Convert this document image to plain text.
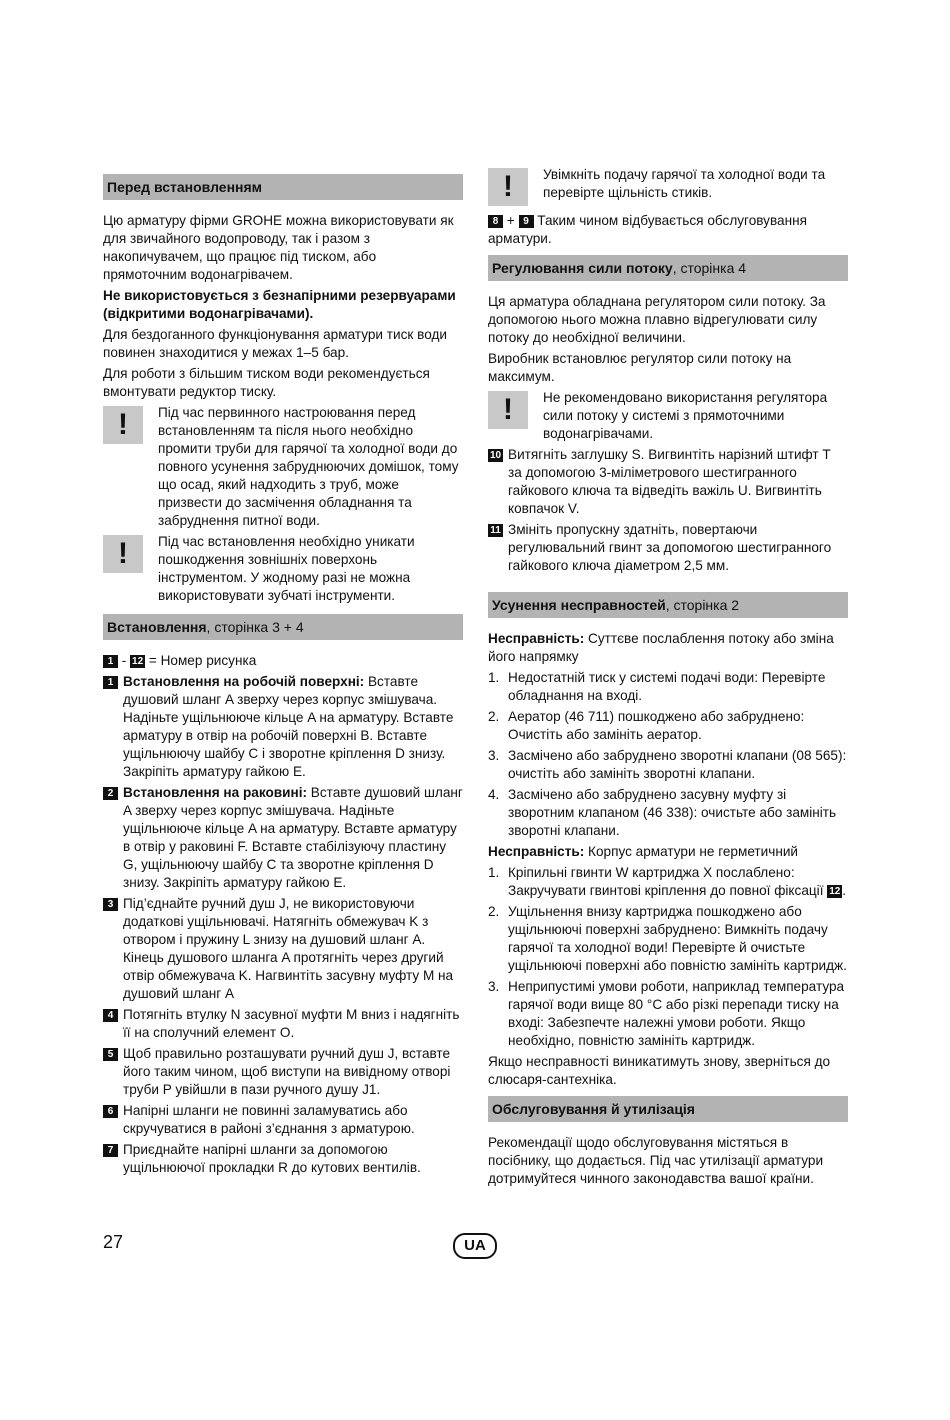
Перед встановленням

Цю арматуру фірми GROHE можна використовувати як для звичайного водопроводу, так і разом з накопичувачем, що працює під тиском, або прямоточним водонагрівачем.

Не використовується з безнапірними резервуарами (відкритими водонагрівачами).

Для бездоганного функціонування арматури тиск води повинен знаходитися у межах 1–5 бар.

Для роботи з більшим тиском води рекомендується вмонтувати редуктор тиску.

!	Під час первинного настроювання перед встановленням та після нього необхідно промити труби для гарячої та холодної води до повного усунення забруднюючих домішок, тому що осад, який надходить з труб, може призвести до засмічення обладнання та забруднення питної води.
!	Під час встановлення необхідно уникати пошкодження зовнішніх поверхонь інструментом. У жодному разі не можна використовувати зубчаті інструменти.
Встановлення, сторінка 3 + 4

1 - 12 = Номер рисунка

1 Встановлення на робочій поверхні: Вставте душовий шланг A зверху через корпус змішувача. Надіньте ущільнююче кільце A на арматуру. Вставте арматуру в отвір на робочій поверхні B. Вставте ущільнюючу шайбу C і зворотне кріплення D знизу. Закріпіть арматуру гайкою E.
2 Встановлення на раковині: Вставте душовий шланг A зверху через корпус змішувача. Надіньте ущільнююче кільце A на арматуру. Вставте арматуру в отвір у раковині F. Вставте стабілізуючу пластину G, ущільнюючу шайбу C та зворотне кріплення D знизу. Закріпіть арматуру гайкою E.
3 Під’єднайте ручний душ J, не використовуючи додаткові ущільнювачі. Натягніть обмежувач K з отвором і пружину L знизу на душовий шланг A. Кінець душового шланга A протягніть через другий отвір обмежувача K. Нагвинтіть засувну муфту M на душовий шланг A
4 Потягніть втулку N засувної муфти M вниз і надягніть її на сполучний елемент O.
5 Щоб правильно розташувати ручний душ J, вставте його таким чином, щоб виступи на вивідному отворі труби P увійшли в пази ручного душу J1.
6 Напірні шланги не повинні заламуватись або скручуватися в районі з’єднання з арматурою.
7 Приєднайте напірні шланги за допомогою ущільнюючої прокладки R до кутових вентилів.
!	Увімкніть подачу гарячої та холодної води та перевірте щільність стиків.
8 + 9 Таким чином відбувається обслуговування арматури.
Регулювання сили потоку, сторінка 4

Ця арматура обладнана регулятором сили потоку. За допомогою нього можна плавно відрегулювати силу потоку до необхідної величини.

Виробник встановлює регулятор сили потоку на максимум.

!	Не рекомендовано використання регулятора сили потоку у системі з прямоточними водонагрівачами.
10 Витягніть заглушку S. Вигвинтіть нарізний штифт T за допомогою 3-міліметрового шестигранного гайкового ключа та відведіть важіль U. Вигвинтіть ковпачок V.
11 Змініть пропускну здатніть, повертаючи регулювальний гвинт за допомогою шестигранного гайкового ключа діаметром 2,5 мм.
Усунення несправностей, сторінка 2

Несправність: Суттєве послаблення потоку або зміна його напрямку

1. Недостатній тиск у системі подачі води: Перевірте обладнання на вході.
2. Аератор (46 711) пошкоджено або забруднено: Очистіть або замініть аератор.
3. Засмічено або забруднено зворотні клапани (08 565): очистіть або замініть зворотні клапани.
4. Засмічено або забруднено засувну муфту зі зворотним клапаном (46 338): очистьте або замініть зворотні клапани.

Несправність: Корпус арматури не герметичний

1. Кріпильні гвинти W картриджа X послаблено: Закручувати гвинтові кріплення до повної фіксації 12 .
2. Ущільнення внизу картриджа пошкоджено або ущільнюючі поверхні забруднено: Вимкніть подачу гарячої та холодної води! Перевірте й очистьте ущільнюючі поверхні або повністю замініть картридж.
3. Неприпустимі умови роботи, наприклад температура гарячої води вище 80 °C або різкі перепади тиску на вході: Забезпечте належні умови роботи. Якщо необхідно, повністю замініть картридж.

Якщо несправності виникатимуть знову, зверніться до слюсаря-сантехніка.

Обслуговування й утилізація

Рекомендації щодо обслуговування містяться в посібнику, що додається. Під час утилізації арматури дотримуйтеся чинного законодавства вашої країни.

27	UA
